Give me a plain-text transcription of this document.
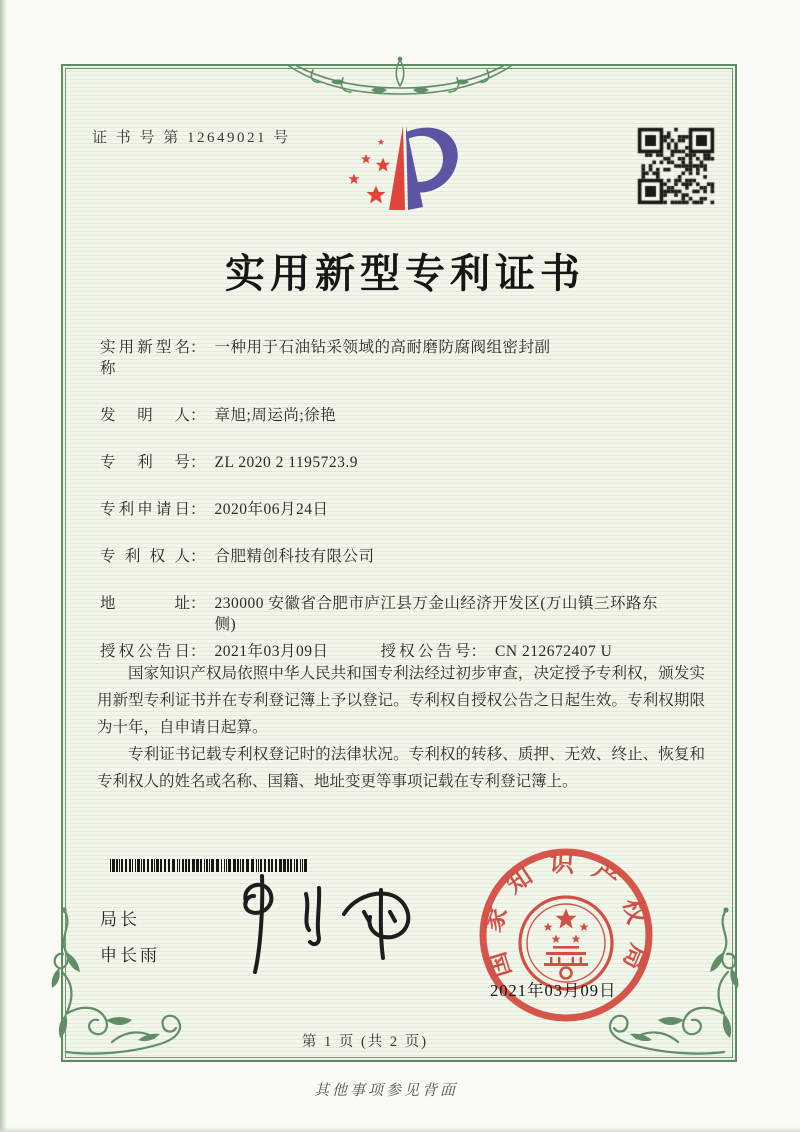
证 书 号 第 12649021 号
实用新型专利证书
实用新型名称
： 一种用于石油钻采领域的高耐磨防腐阀组密封副
发明人 ： 章旭;周运尚;徐艳
专利号 ： ZL 2020 2 1195723.9
专利申请日 ： 2020年06月24日
专利权人 ： 合肥精创科技有限公司
地址 ： 230000 安徽省合肥市庐江县万金山经济开发区(万山镇三环路东侧)
授权公告日 ： 2021年03月09日	授权公告号 ： CN 212672407 U

国家知识产权局依照中华人民共和国专利法经过初步审查，决定授予专利权，颁发实用新型专利证书并在专利登记簿上予以登记。专利权自授权公告之日起生效。专利权期限为十年，自申请日起算。

专利证书记载专利权登记时的法律状况。专利权的转移、质押、无效、终止、恢复和专利权人的姓名或名称、国籍、地址变更等事项记载在专利登记簿上。

局长
申长雨	国家知识产权局
2021年03月09日
第 1 页 (共 2 页)
其他事项参见背面
